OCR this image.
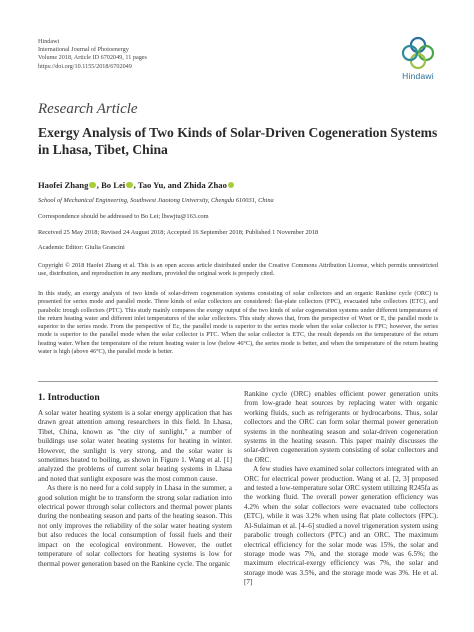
Hindawi
International Journal of Photoenergy
Volume 2018, Article ID 6702049, 11 pages
https://doi.org/10.1155/2018/6702049
Hindawi
Research Article
Exergy Analysis of Two Kinds of Solar-Driven Cogeneration Systems in Lhasa, Tibet, China
Haofei Zhang , Bo Lei , Tao Yu, and Zhida Zhao
School of Mechanical Engineering, Southwest Jiaotong University, Chengdu 610031, China
Correspondence should be addressed to Bo Lei; lbswjtu@163.com
Received 25 May 2018; Revised 24 August 2018; Accepted 16 September 2018; Published 1 November 2018
Academic Editor: Giulia Grancini
Copyright © 2018 Haofei Zhang et al. This is an open access article distributed under the Creative Commons Attribution License, which permits unrestricted use, distribution, and reproduction in any medium, provided the original work is properly cited.
In this study, an exergy analysis of two kinds of solar-driven cogeneration systems consisting of solar collectors and an organic Rankine cycle (ORC) is presented for series mode and parallel mode. Three kinds of solar collectors are considered: flat-plate collectors (FPC), evacuated tube collectors (ETC), and parabolic trough collectors (PTC). This study mainly compares the exergy output of the two kinds of solar cogeneration systems under different temperatures of the return heating water and different inlet temperatures of the solar collectors. This study shows that, from the perspective of Wnet or E, the parallel mode is superior to the series mode. From the perspective of Ec, the parallel mode is superior to the series mode when the solar collector is FPC; however, the series mode is superior to the parallel mode when the solar collector is PTC. When the solar collector is ETC, the result depends on the temperature of the return heating water. When the temperature of the return heating water is low (below 46°C), the series mode is better, and when the temperature of the return heating water is high (above 46°C), the parallel mode is better.
1. Introduction

A solar water heating system is a solar energy application that has drawn great attention among researchers in this field. In Lhasa, Tibet, China, known as "the city of sunlight," a number of buildings use solar water heating systems for heating in winter. However, the sunlight is very strong, and the solar water is sometimes heated to boiling, as shown in Figure 1. Wang et al. [1] analyzed the problems of current solar heating systems in Lhasa and noted that sunlight exposure was the most common cause.

As there is no need for a cold supply in Lhasa in the summer, a good solution might be to transform the strong solar radiation into electrical power through solar collectors and thermal power plants during the nonheating season and parts of the heating season. This not only improves the reliability of the solar water heating system but also reduces the local consumption of fossil fuels and their impact on the ecological environment. However, the outlet temperature of solar collectors for heating systems is low for thermal power generation based on the Rankine cycle. The organic

Rankine cycle (ORC) enables efficient power generation units from low-grade heat sources by replacing water with organic working fluids, such as refrigerants or hydrocarbons. Thus, solar collectors and the ORC can form solar thermal power generation systems in the nonheating season and solar-driven cogeneration systems in the heating season. This paper mainly discusses the solar-driven cogeneration system consisting of solar collectors and the ORC.

A few studies have examined solar collectors integrated with an ORC for electrical power production. Wang et al. [2, 3] proposed and tested a low-temperature solar ORC system utilizing R245fa as the working fluid. The overall power generation efficiency was 4.2% when the solar collectors were evacuated tube collectors (ETC), while it was 3.2% when using flat plate collectors (FPC). Al-Sulaiman et al. [4–6] studied a novel trigeneration system using parabolic trough collectors (PTC) and an ORC. The maximum electrical efficiency for the solar mode was 15%, the solar and storage mode was 7%, and the storage mode was 6.5%; the maximum electrical-exergy efficiency was 7%, the solar and storage mode was 3.5%, and the storage mode was 3%. He et al. [7]
